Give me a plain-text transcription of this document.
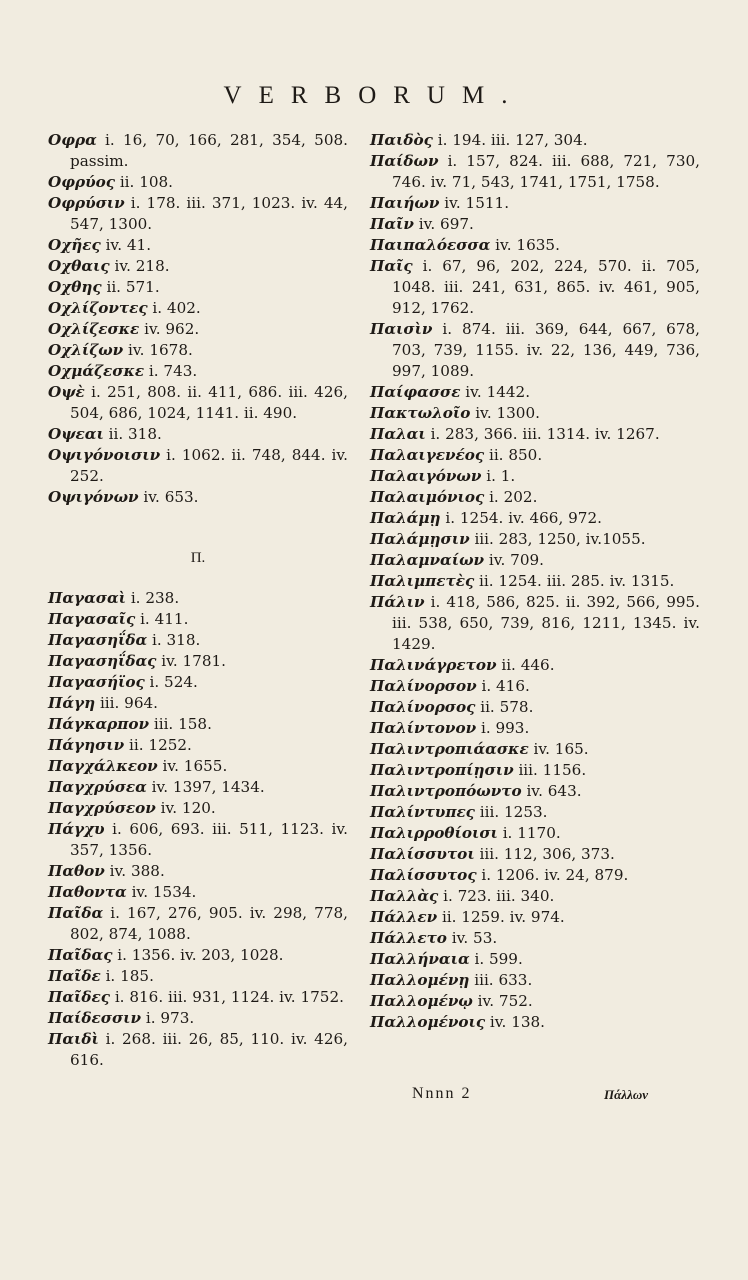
VERBORUM.

Οφρα i. 16, 70, 166, 281, 354, 508. passim.

Οφρύος ii. 108.

Οφρύσιν i. 178. iii. 371, 1023. iv. 44, 547, 1300.

Οχῆες iv. 41.

Οχθαις iv. 218.

Οχθης ii. 571.

Οχλίζοντες i. 402.

Οχλίζεσκε iv. 962.

Οχλίζων iv. 1678.

Οχμάζεσκε i. 743.

Οψὲ i. 251, 808. ii. 411, 686. iii. 426, 504, 686, 1024, 1141. ii. 490.

Οψεαι ii. 318.

Οψιγόνοισιν i. 1062. ii. 748, 844. iv. 252.

Οψιγόνων iv. 653.

Π.

Παγασαὶ i. 238.

Παγασαῖς i. 411.

Παγασηΐδα i. 318.

Παγασηΐδας iv. 1781.

Παγασήϊος i. 524.

Πάγη iii. 964.

Πάγκαρπον iii. 158.

Πάγησιν ii. 1252.

Παγχάλκεον iv. 1655.

Παγχρύσεα iv. 1397, 1434.

Παγχρύσεον iv. 120.

Πάγχυ i. 606, 693. iii. 511, 1123. iv. 357, 1356.

Παθον iv. 388.

Παθοντα iv. 1534.

Παῖδα i. 167, 276, 905. iv. 298, 778, 802, 874, 1088.

Παῖδας i. 1356. iv. 203, 1028.

Παῖδε i. 185.

Παῖδες i. 816. iii. 931, 1124. iv. 1752.

Παίδεσσιν i. 973.

Παιδὶ i. 268. iii. 26, 85, 110. iv. 426, 616.

Παιδὸς i. 194. iii. 127, 304.

Παίδων i. 157, 824. iii. 688, 721, 730, 746. iv. 71, 543, 1741, 1751, 1758.

Παιήων iv. 1511.

Παῖν iv. 697.

Παιπαλόεσσα iv. 1635.

Παῖς i. 67, 96, 202, 224, 570. ii. 705, 1048. iii. 241, 631, 865. iv. 461, 905, 912, 1762.

Παισὶν i. 874. iii. 369, 644, 667, 678, 703, 739, 1155. iv. 22, 136, 449, 736, 997, 1089.

Παίφασσε iv. 1442.

Πακτωλοῖο iv. 1300.

Παλαι i. 283, 366. iii. 1314. iv. 1267.

Παλαιγενέος ii. 850.

Παλαιγόνων i. 1.

Παλαιμόνιος i. 202.

Παλάμῃ i. 1254. iv. 466, 972.

Παλάμῃσιν iii. 283, 1250, iv.1055.

Παλαμναίων iv. 709.

Παλιμπετὲς ii. 1254. iii. 285. iv. 1315.

Πάλιν i. 418, 586, 825. ii. 392, 566, 995. iii. 538, 650, 739, 816, 1211, 1345. iv. 1429.

Παλινάγρετον ii. 446.

Παλίνορσον i. 416.

Παλίνορσος ii. 578.

Παλίντονον i. 993.

Παλιντροπιάασκε iv. 165.

Παλιντροπίῃσιν iii. 1156.

Παλιντροπόωντο iv. 643.

Παλίντυπες iii. 1253.

Παλιρροθίοισι i. 1170.

Παλίσσυτοι iii. 112, 306, 373.

Παλίσσυτος i. 1206. iv. 24, 879.

Παλλὰς i. 723. iii. 340.

Πάλλεν ii. 1259. iv. 974.

Πάλλετο iv. 53.

Παλλήναια i. 599.

Παλλομένῃ iii. 633.

Παλλομένῳ iv. 752.

Παλλομένοις iv. 138.

Nnnn 2	Πάλλων
